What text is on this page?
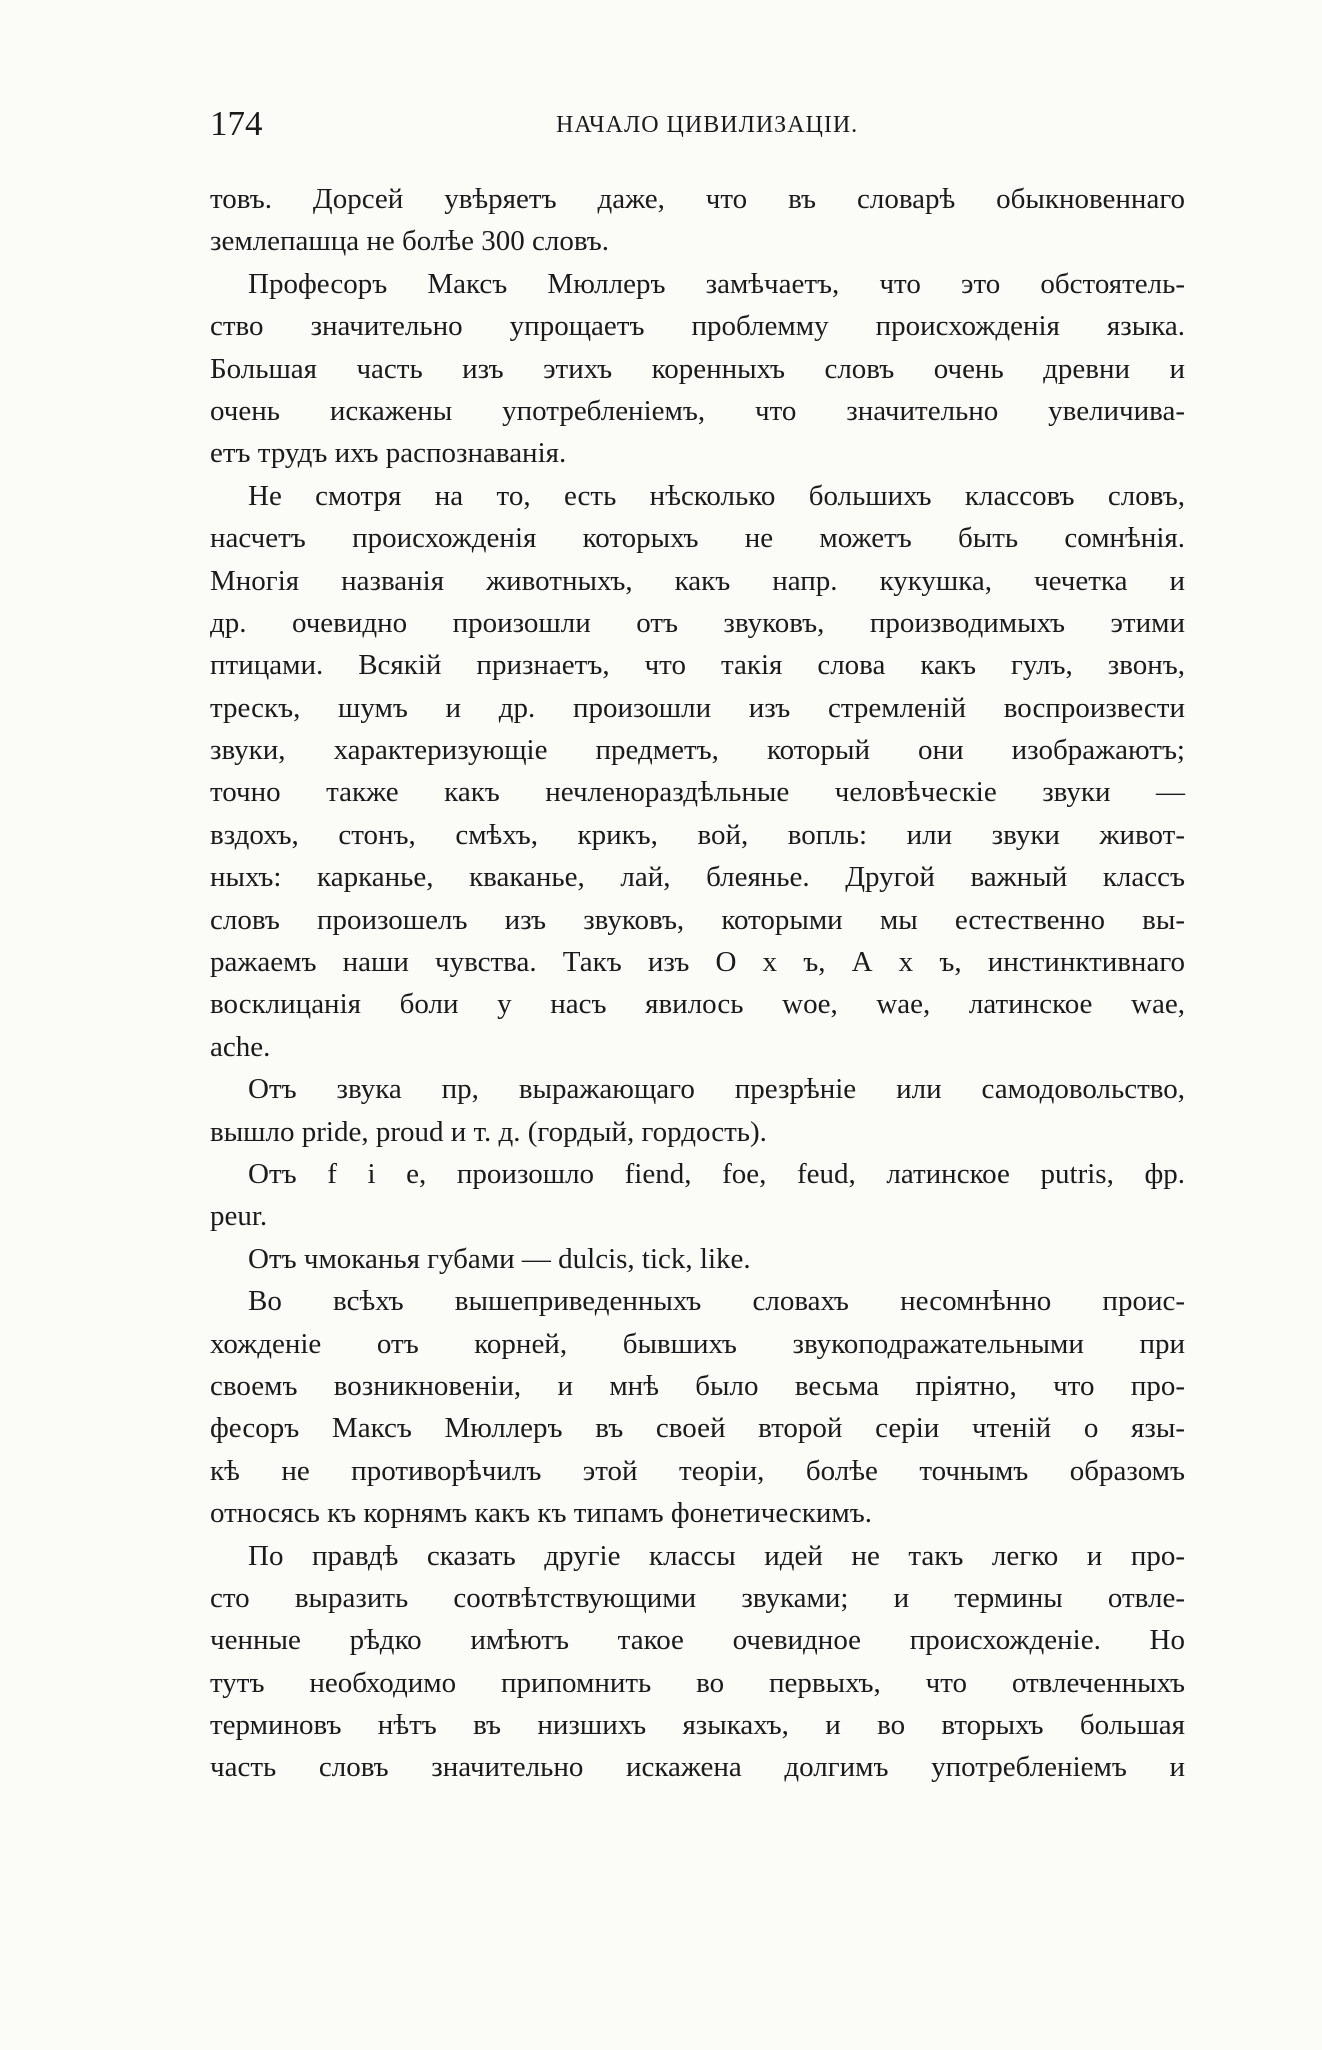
174	НАЧАЛО ЦИВИЛИЗАЦІИ.
товъ. Дорсей увѣряетъ даже, что въ словарѣ обыкновеннаго
землепашца не болѣе 300 словъ.
Професоръ Максъ Мюллеръ замѣчаетъ, что это обстоятель-
ство значительно упрощаетъ проблемму происхожденія языка.
Большая часть изъ этихъ коренныхъ словъ очень древни и
очень искажены употребленіемъ, что значительно увеличива-
етъ трудъ ихъ распознаванія.
Не смотря на то, есть нѣсколько большихъ классовъ словъ,
насчетъ происхожденія которыхъ не можетъ быть сомнѣнія.
Многія названія животныхъ, какъ напр. кукушка, чечетка и
др. очевидно произошли отъ звуковъ, производимыхъ этими
птицами. Всякій признаетъ, что такія слова какъ гулъ, звонъ,
трескъ, шумъ и др. произошли изъ стремленій воспроизвести
звуки, характеризующіе предметъ, который они изображаютъ;
точно также какъ нечленораздѣльные человѣческіе звуки —
вздохъ, стонъ, смѣхъ, крикъ, вой, вопль: или звуки живот-
ныхъ: карканье, кваканье, лай, блеянье. Другой важный классъ
словъ произошелъ изъ звуковъ, которыми мы естественно вы-
ражаемъ наши чувства. Такъ изъ О х ъ, А х ъ, инстинктивнаго
восклицанія боли у насъ явилось woe, wae, латинское wae,
ache.
Отъ звука пр, выражающаго презрѣніе или самодовольство,
вышло pride, proud и т. д. (гордый, гордость).
Отъ f i e, произошло fiend, foe, feud, латинское putris, фр.
peur.
Отъ чмоканья губами — dulcis, tick, like.
Во всѣхъ вышеприведенныхъ словахъ несомнѣнно проис-
хожденіе отъ корней, бывшихъ звукоподражательными при
своемъ возникновеніи, и мнѣ было весьма пріятно, что про-
фесоръ Максъ Мюллеръ въ своей второй серіи чтеній о язы-
кѣ не противорѣчилъ этой теоріи, болѣе точнымъ образомъ
относясь къ корнямъ какъ къ типамъ фонетическимъ.
По правдѣ сказать другіе классы идей не такъ легко и про-
сто выразить соотвѣтствующими звуками; и термины отвле-
ченные рѣдко имѣютъ такое очевидное происхожденіе. Но
тутъ необходимо припомнить во первыхъ, что отвлеченныхъ
терминовъ нѣтъ въ низшихъ языкахъ, и во вторыхъ большая
часть словъ значительно искажена долгимъ употребленіемъ и
